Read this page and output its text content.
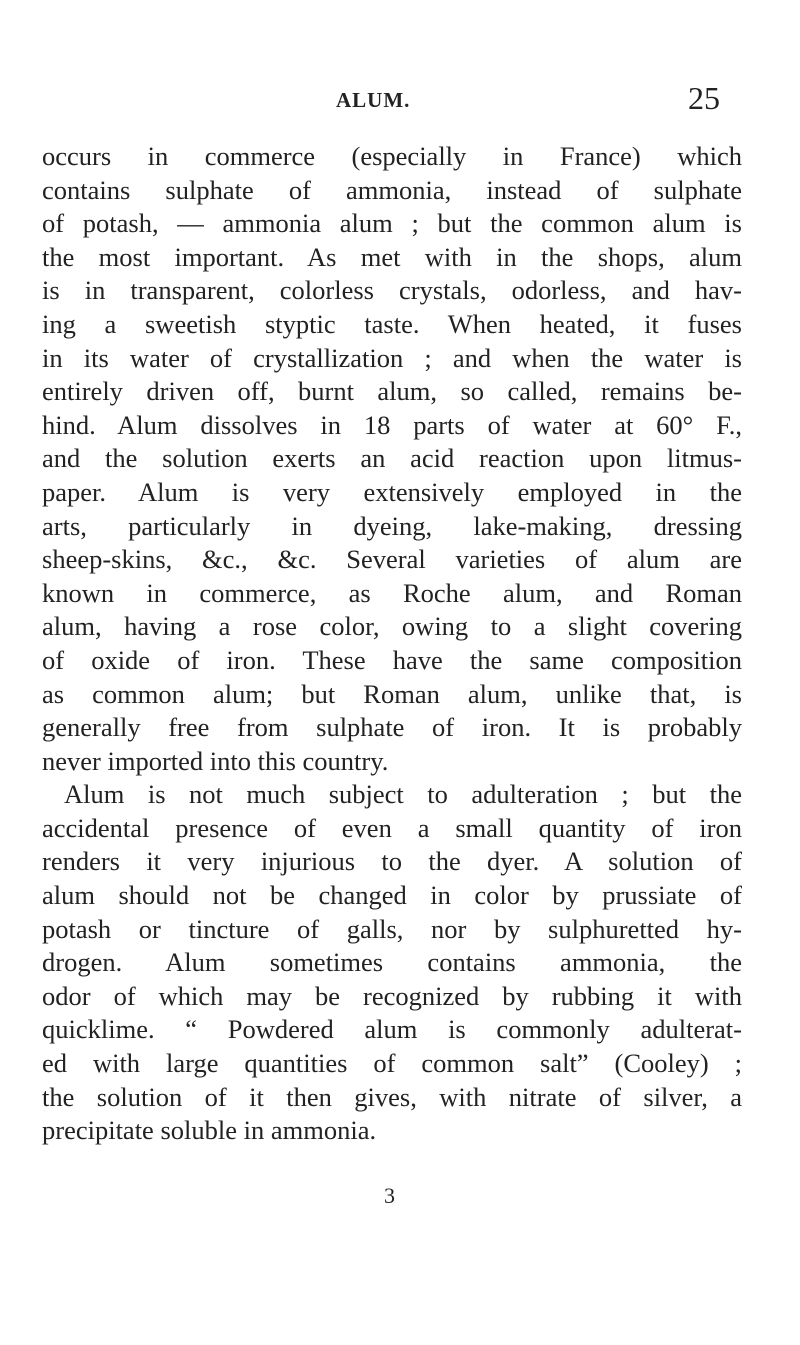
ALUM.	25
occurs in commerce (especially in France) which
contains sulphate of ammonia, instead of sulphate
of potash, — ammonia alum ; but the common alum is
the most important. As met with in the shops, alum
is in transparent, colorless crystals, odorless, and hav-
ing a sweetish styptic taste. When heated, it fuses
in its water of crystallization ; and when the water is
entirely driven off, burnt alum, so called, remains be-
hind. Alum dissolves in 18 parts of water at 60° F.,
and the solution exerts an acid reaction upon litmus-
paper. Alum is very extensively employed in the
arts, particularly in dyeing, lake-making, dressing
sheep-skins, &c., &c. Several varieties of alum are
known in commerce, as Roche alum, and Roman
alum, having a rose color, owing to a slight covering
of oxide of iron. These have the same composition
as common alum; but Roman alum, unlike that, is
generally free from sulphate of iron. It is probably
never imported into this country.
Alum is not much subject to adulteration ; but the
accidental presence of even a small quantity of iron
renders it very injurious to the dyer. A solution of
alum should not be changed in color by prussiate of
potash or tincture of galls, nor by sulphuretted hy-
drogen. Alum sometimes contains ammonia, the
odor of which may be recognized by rubbing it with
quicklime. “ Powdered alum is commonly adulterat-
ed with large quantities of common salt” (Cooley) ;
the solution of it then gives, with nitrate of silver, a
precipitate soluble in ammonia.
3
